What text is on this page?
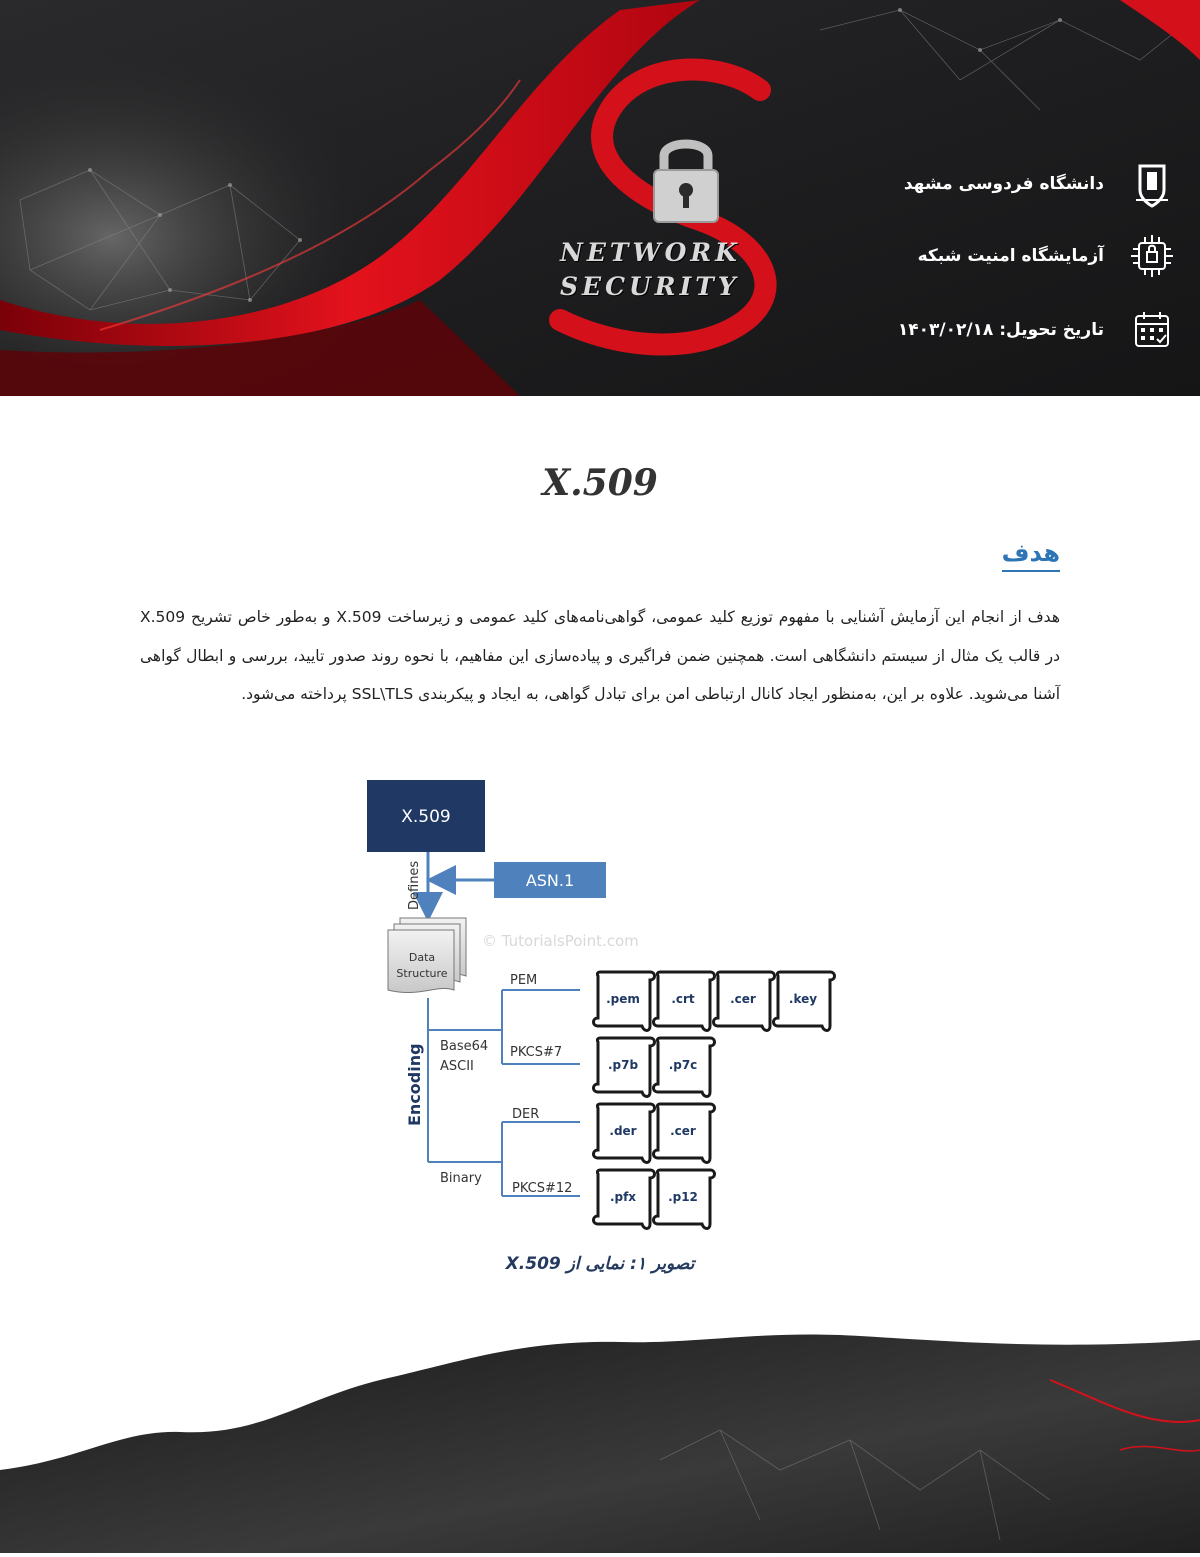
NETWORK
SECURITY
دانشگاه فردوسی مشهد
آزمایشگاه امنیت شبکه
تاریخ تحویل: ۱۴۰۳/۰۲/۱۸
X.509
هدف

هدف از انجام این آزمایش آشنایی با مفهوم توزیع کلید عمومی، گواهی‌نامه‌های کلید عمومی و زیرساخت X.509 و به‌طور خاص تشریح X.509 در قالب یک مثال از سیستم دانشگاهی است. همچنین ضمن فراگیری و پیاده‌سازی این مفاهیم، با نحوه روند صدور تایید، بررسی و ابطال گواهی آشنا می‌شوید. علاوه بر این، به‌منظور ایجاد کانال ارتباطی امن برای تبادل گواهی، به ایجاد و پیکربندی SSL\TLS پرداخته می‌شود.

X.509
ASN.1
Defines
Data
Structure
© TutorialsPoint.com
Encoding Base64
ASCII
PEM
PKCS#7
Binary
DER
PKCS#12
.pem	.crt	.cer	.key
.p7b	.p7c
.der	.cer
.pfx	.p12
تصویر ۱: نمایی از X.509
